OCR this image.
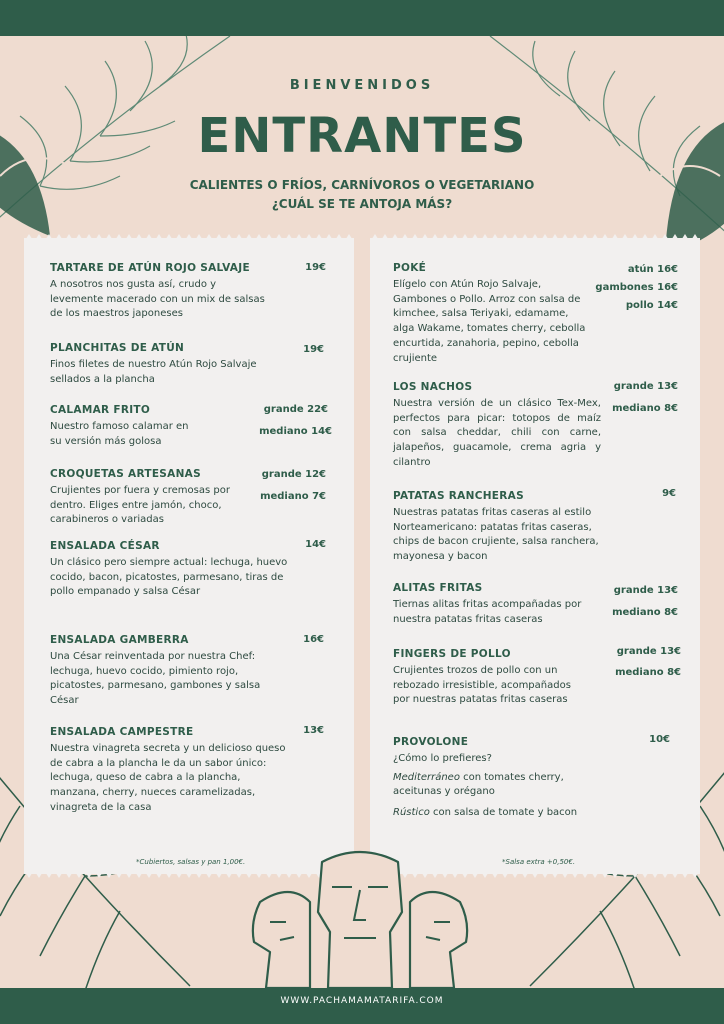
BIENVENIDOS
ENTRANTES
CALIENTES O FRÍOS, CARNÍVOROS O VEGETARIANO
¿CUÁL SE TE ANTOJA MÁS?
TARTARE DE ATÚN ROJO SALVAJE
A nosotros nos gusta así, crudo y levemente macerado con un mix de salsas de los maestros japoneses
19€
PLANCHITAS DE ATÚN
Finos filetes de nuestro Atún Rojo Salvaje sellados a la plancha
19€
CALAMAR FRITO
Nuestro famoso calamar en su versión más golosa
grande 22€
mediano 14€
CROQUETAS ARTESANAS
Crujientes por fuera y cremosas por dentro. Eliges entre jamón, choco, carabineros o variadas
grande 12€
mediano 7€
ENSALADA CÉSAR
Un clásico pero siempre actual: lechuga, huevo cocido, bacon, picatostes, parmesano, tiras de pollo empanado y salsa César
14€
ENSALADA GAMBERRA
Una César reinventada por nuestra Chef: lechuga, huevo cocido, pimiento rojo, picatostes, parmesano, gambones y salsa César
16€
ENSALADA CAMPESTRE
Nuestra vinagreta secreta y un delicioso queso de cabra a la plancha le da un sabor único: lechuga, queso de cabra a la plancha, manzana, cherry, nueces caramelizadas, vinagreta de la casa
13€
*Cubiertos, salsas y pan 1,00€.
POKÉ
Elígelo con Atún Rojo Salvaje, Gambones o Pollo. Arroz con salsa de kimchee, salsa Teriyaki, edamame, alga Wakame, tomates cherry, cebolla encurtida, zanahoria, pepino, cebolla crujiente
atún 16€
gambones 16€
pollo 14€
LOS NACHOS
Nuestra versión de un clásico Tex-Mex, perfectos para picar: totopos de maíz con salsa cheddar, chili con carne, jalapeños, guacamole, crema agria y cilantro
grande 13€
mediano 8€
PATATAS RANCHERAS
Nuestras patatas fritas caseras al estilo Norteamericano: patatas fritas caseras, chips de bacon crujiente, salsa ranchera, mayonesa y bacon
9€
ALITAS FRITAS
Tiernas alitas fritas acompañadas por nuestra patatas fritas caseras
grande 13€
mediano 8€
FINGERS DE POLLO
Crujientes trozos de pollo con un rebozado irresistible, acompañados por nuestras patatas fritas caseras
grande 13€
mediano 8€
PROVOLONE
¿Cómo lo prefieres?
Mediterráneo con tomates cherry, aceitunas y orégano
Rústico con salsa de tomate y bacon
10€
*Salsa extra +0,50€.
WWW.PACHAMAMATARIFA.COM
